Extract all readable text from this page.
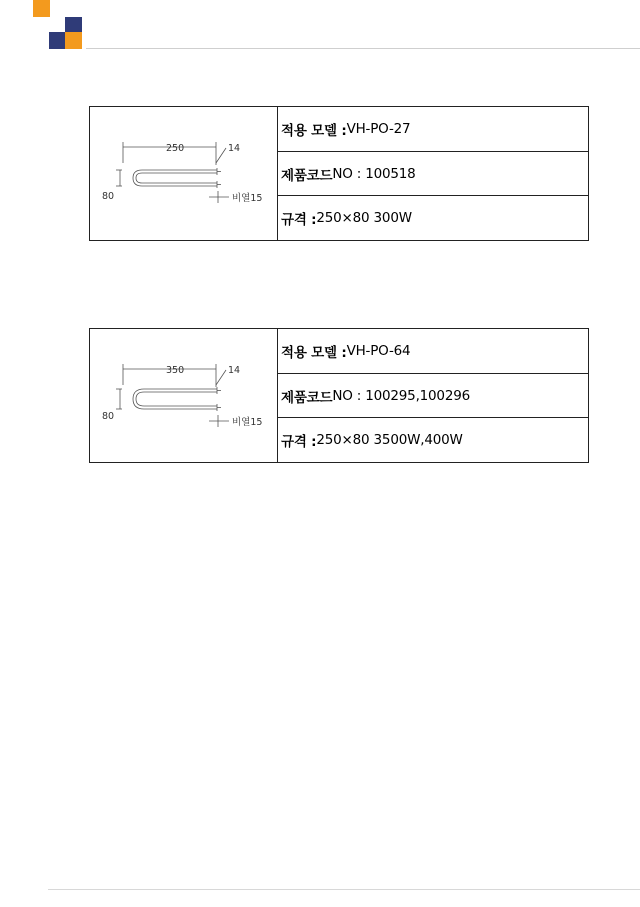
250	14
80	비열15
적용 모델 : VH-PO-27
제품코드 NO : 100518
규격 : 250×80 300W
350	14
80
비열15
적용 모델 : VH-PO-64
제품코드 NO : 100295,100296
규격 : 250×80 3500W,400W
